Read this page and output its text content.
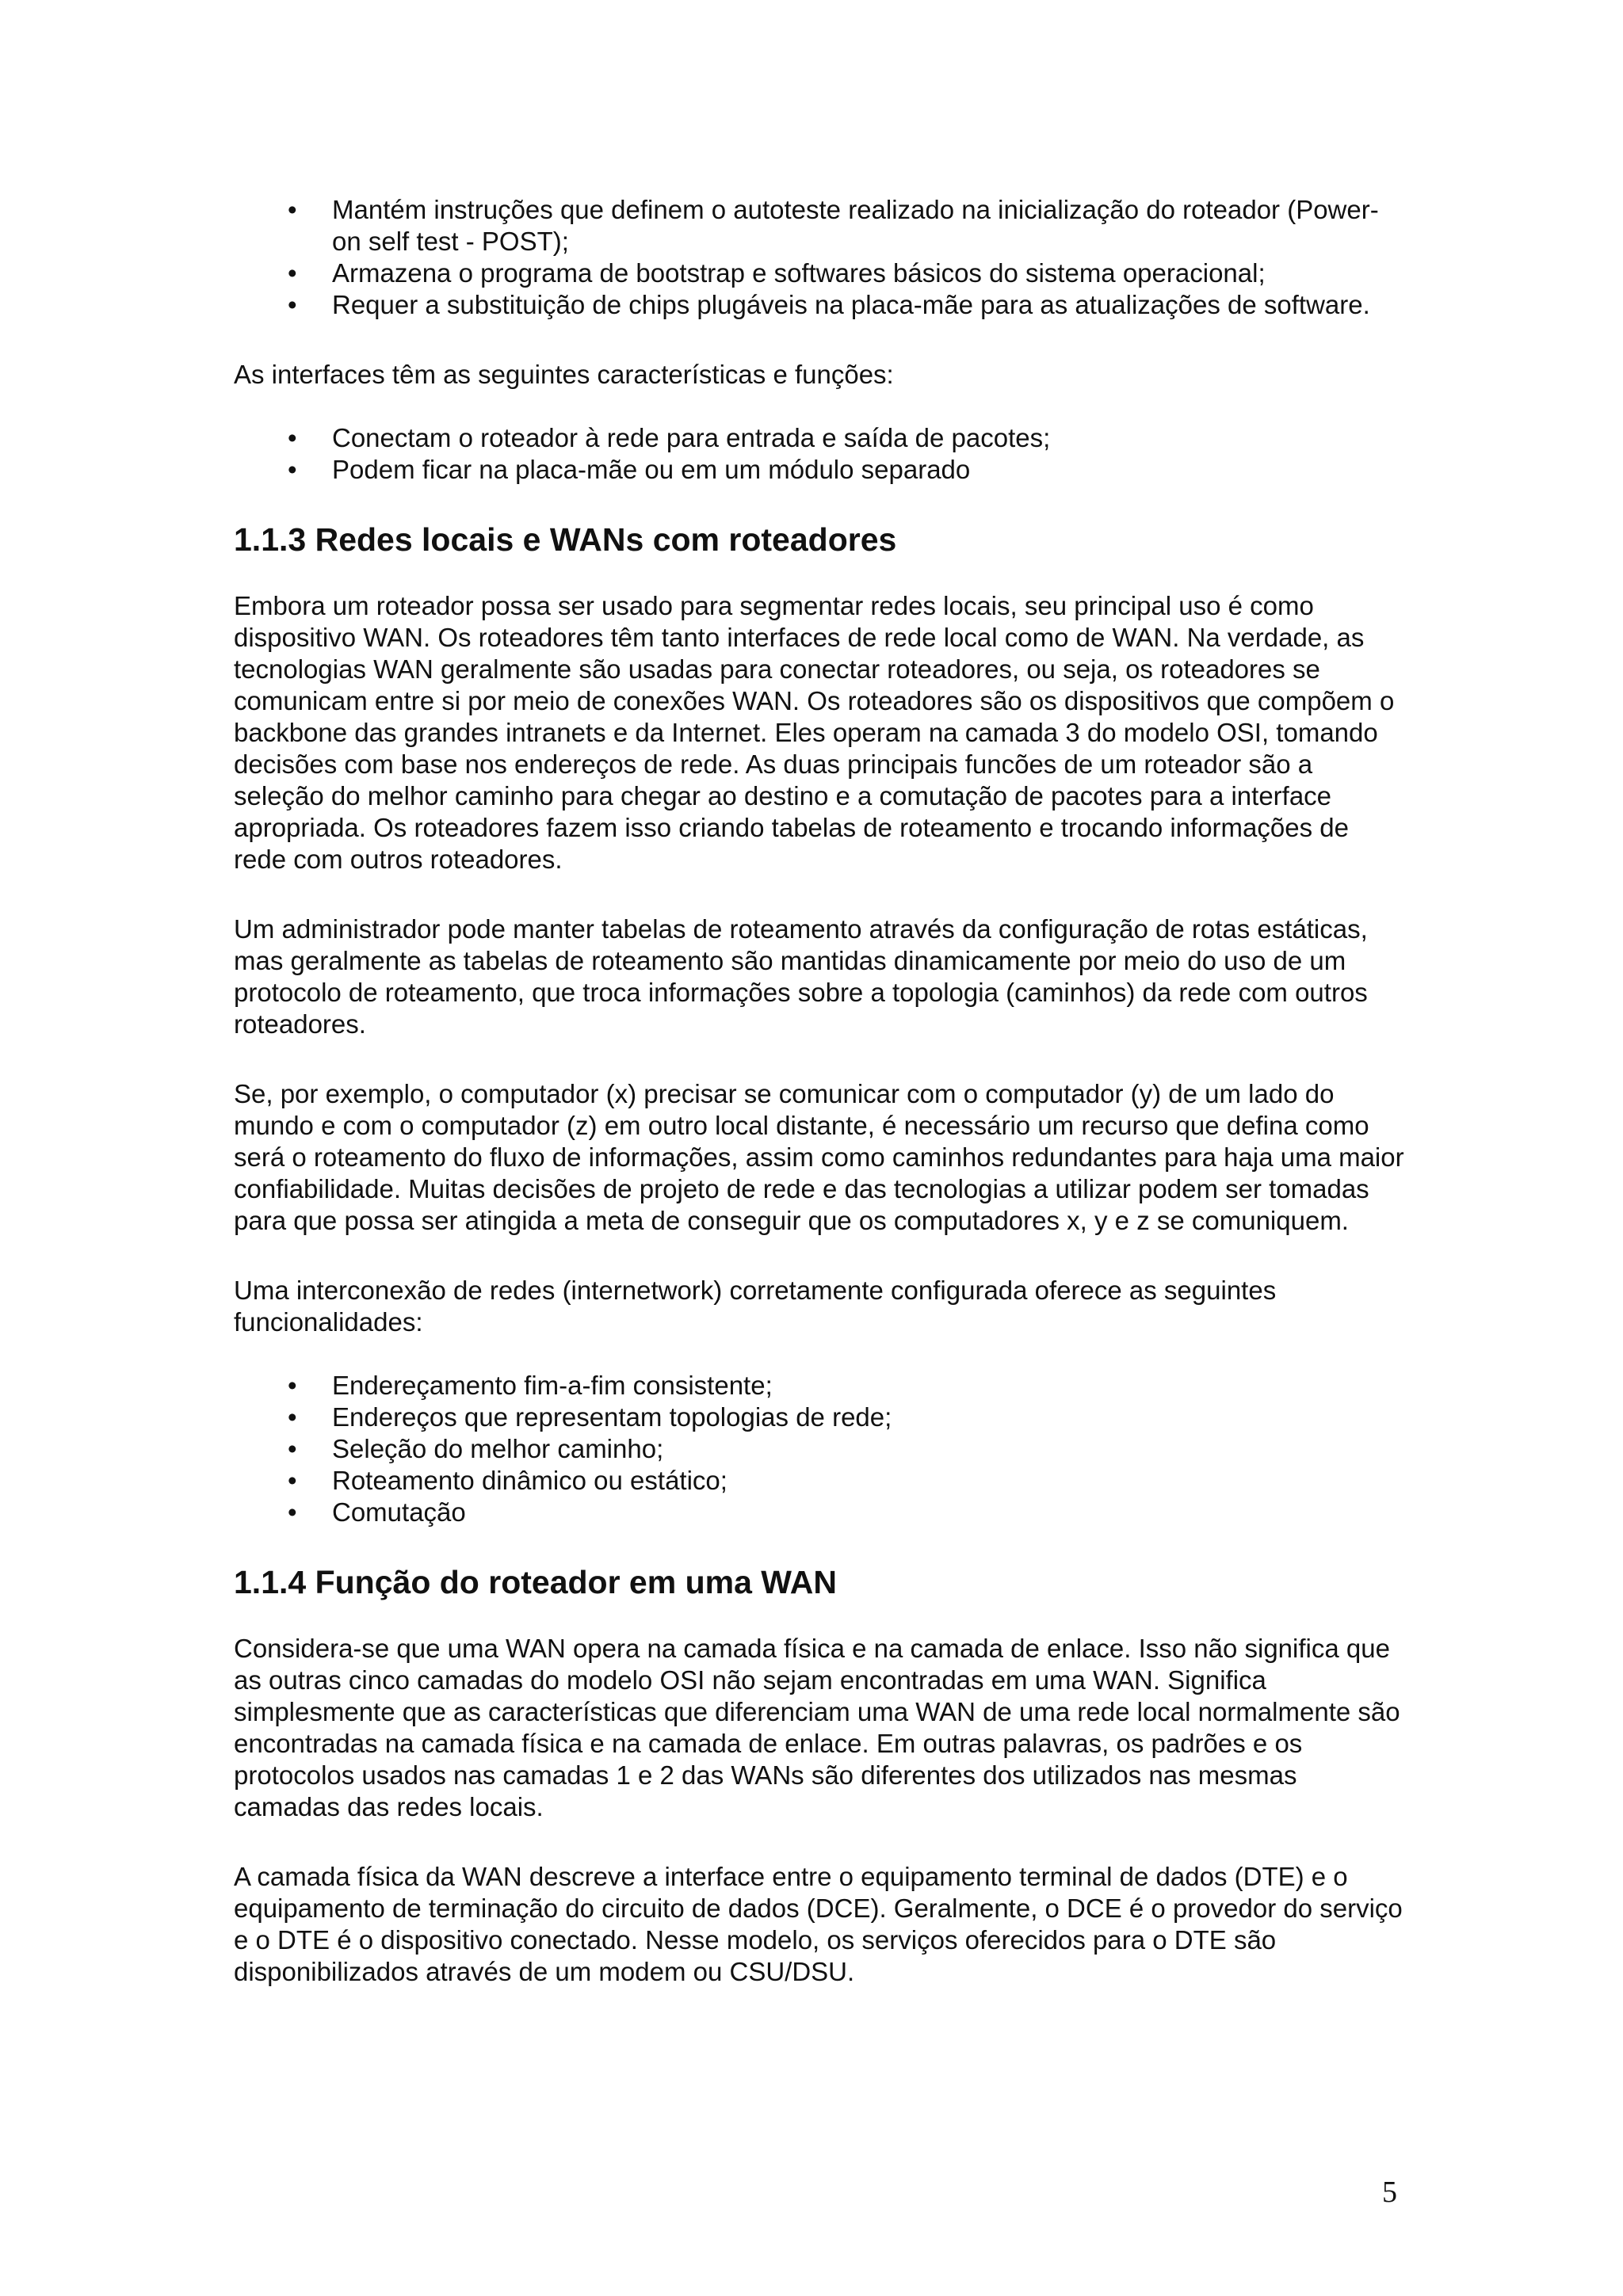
• Mantém instruções que definem o autoteste realizado na inicialização do roteador (Power-on self test - POST);
• Armazena o programa de bootstrap e softwares básicos do sistema operacional;
• Requer a substituição de chips plugáveis na placa-mãe para as atualizações de software.

As interfaces têm as seguintes características e funções:

• Conectam o roteador à rede para entrada e saída de pacotes;
• Podem ficar na placa-mãe ou em um módulo separado
1.1.3 Redes locais e WANs com roteadores

Embora um roteador possa ser usado para segmentar redes locais, seu principal uso é como dispositivo WAN. Os roteadores têm tanto interfaces de rede local como de WAN. Na verdade, as tecnologias WAN geralmente são usadas para conectar roteadores, ou seja, os roteadores se comunicam entre si por meio de conexões WAN. Os roteadores são os dispositivos que compõem o backbone das grandes intranets e da Internet. Eles operam na camada 3 do modelo OSI, tomando decisões com base nos endereços de rede. As duas principais funcões de um roteador são a seleção do melhor caminho para chegar ao destino e a comutação de pacotes para a interface apropriada. Os roteadores fazem isso criando tabelas de roteamento e trocando informações de rede com outros roteadores.

Um administrador pode manter tabelas de roteamento através da configuração de rotas estáticas, mas geralmente as tabelas de roteamento são mantidas dinamicamente por meio do uso de um protocolo de roteamento, que troca informações sobre a topologia (caminhos) da rede com outros roteadores.

Se, por exemplo, o computador (x) precisar se comunicar com o computador (y) de um lado do mundo e com o computador (z) em outro local distante, é necessário um recurso que defina como será o roteamento do fluxo de informações, assim como caminhos redundantes para haja uma maior confiabilidade. Muitas decisões de projeto de rede e das tecnologias a utilizar podem ser tomadas para que possa ser atingida a meta de conseguir que os computadores x, y e z se comuniquem.

Uma interconexão de redes (internetwork) corretamente configurada oferece as seguintes funcionalidades:

• Endereçamento fim-a-fim consistente;
• Endereços que representam topologias de rede;
• Seleção do melhor caminho;
• Roteamento dinâmico ou estático;
• Comutação
1.1.4 Função do roteador em uma WAN

Considera-se que uma WAN opera na camada física e na camada de enlace. Isso não significa que as outras cinco camadas do modelo OSI não sejam encontradas em uma WAN. Significa simplesmente que as características que diferenciam uma WAN de uma rede local normalmente são encontradas na camada física e na camada de enlace. Em outras palavras, os padrões e os protocolos usados nas camadas 1 e 2 das WANs são diferentes dos utilizados nas mesmas camadas das redes locais.

A camada física da WAN descreve a interface entre o equipamento terminal de dados (DTE) e o equipamento de terminação do circuito de dados (DCE). Geralmente, o DCE é o provedor do serviço e o DTE é o dispositivo conectado. Nesse modelo, os serviços oferecidos para o DTE são disponibilizados através de um modem ou CSU/DSU.

5
